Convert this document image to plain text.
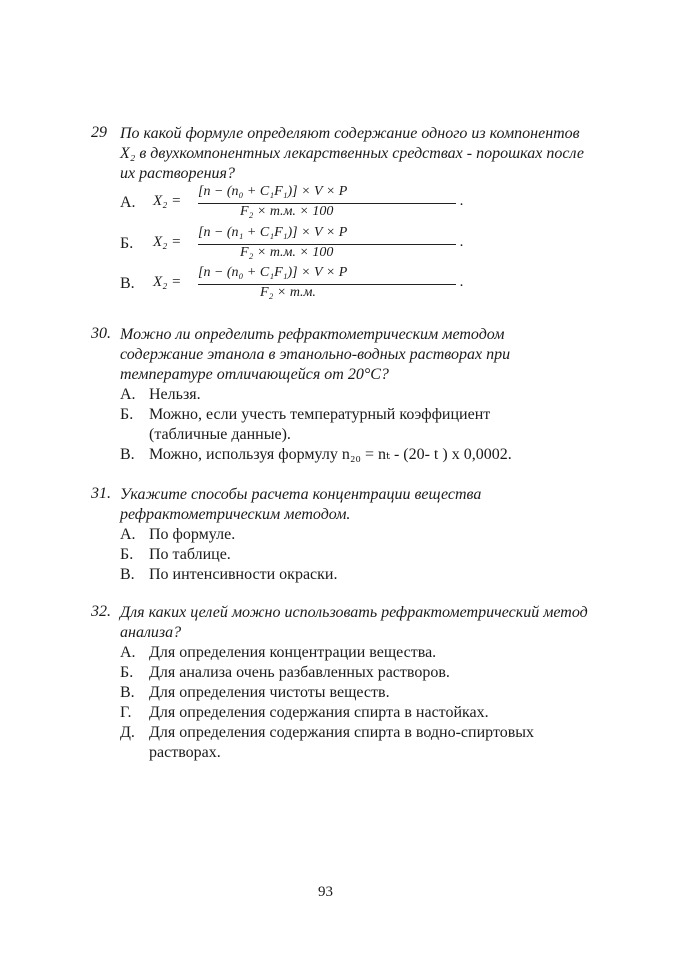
29 По какой формуле определяют содержание одного из компонентов X₂ в двухкомпонентных лекарственных средствах - порошках после их растворения?
А. X₂ =
[n − (n₀ + C₁F₁)] × V × P
F₂ × m.м. × 100
.
Б. X₂ =
[n − (n₁ + C₁F₁)] × V × P
F₂ × m.м. × 100
.
В. X₂ =
[n − (n₀ + C₁F₁)] × V × P
F₂ × m.м.
.
30. Можно ли определить рефрактометрическим методом содержание этанола в этанольно-водных растворах при температуре отличающейся от 20°С?
А. Нельзя.
Б. Можно, если учесть температурный коэффициент (табличные данные).
В. Можно, используя формулу n₂₀ = nₜ - (20- t ) x 0,0002.
31. Укажите способы расчета концентрации вещества рефрактометрическим методом.
А. По формуле.
Б. По таблице.
В. По интенсивности окраски.
32. Для каких целей можно использовать рефрактометрический метод анализа?
А. Для определения концентрации вещества.
Б. Для анализа очень разбавленных растворов.
В. Для определения чистоты веществ.
Г. Для определения содержания спирта в настойках.
Д. Для определения содержания спирта в водно-спиртовых растворах.
93
